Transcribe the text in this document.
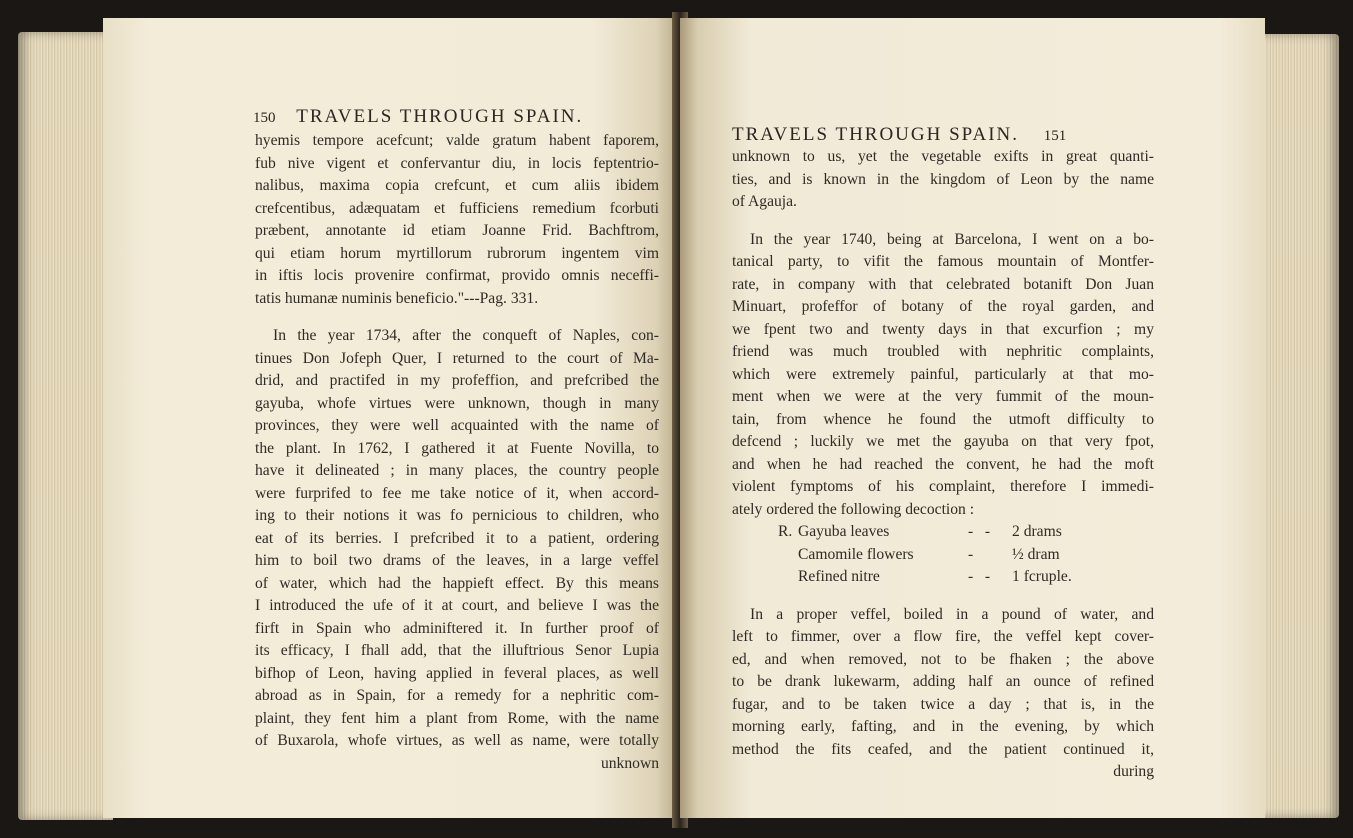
150 TRAVELS THROUGH SPAIN.
hyemis tempore acefcunt; valde gratum habent faporem,
fub nive vigent et confervantur diu, in locis feptentrio-
nalibus, maxima copia crefcunt, et cum aliis ibidem
crefcentibus, adæquatam et fufficiens remedium fcorbuti
præbent, annotante id etiam Joanne Frid. Bachftrom,
qui etiam horum myrtillorum rubrorum ingentem vim
in iftis locis provenire confirmat, provido omnis neceffi-
tatis humanæ numinis beneficio."---Pag. 331.
In the year 1734, after the conqueft of Naples, con-
tinues Don Jofeph Quer, I returned to the court of Ma-
drid, and practifed in my profeffion, and prefcribed the
gayuba, whofe virtues were unknown, though in many
provinces, they were well acquainted with the name of
the plant. In 1762, I gathered it at Fuente Novilla, to
have it delineated ; in many places, the country people
were furprifed to fee me take notice of it, when accord-
ing to their notions it was fo pernicious to children, who
eat of its berries. I prefcribed it to a patient, ordering
him to boil two drams of the leaves, in a large veffel
of water, which had the happieft effect. By this means
I introduced the ufe of it at court, and believe I was the
firft in Spain who adminiftered it. In further proof of
its efficacy, I fhall add, that the illuftrious Senor Lupia
bifhop of Leon, having applied in feveral places, as well
abroad as in Spain, for a remedy for a nephritic com-
plaint, they fent him a plant from Rome, with the name
of Buxarola, whofe virtues, as well as name, were totally
unknown
TRAVELS THROUGH SPAIN. 151
unknown to us, yet the vegetable exifts in great quanti-
ties, and is known in the kingdom of Leon by the name
of Agauja.
In the year 1740, being at Barcelona, I went on a bo-
tanical party, to vifit the famous mountain of Montfer-
rate, in company with that celebrated botanift Don Juan
Minuart, profeffor of botany of the royal garden, and
we fpent two and twenty days in that excurfion ; my
friend was much troubled with nephritic complaints,
which were extremely painful, particularly at that mo-
ment when we were at the very fummit of the moun-
tain, from whence he found the utmoft difficulty to
defcend ; luckily we met the gayuba on that very fpot,
and when he had reached the convent, he had the moft
violent fymptoms of his complaint, therefore I immedi-
ately ordered the following decoction :
R. Gayuba leaves	-   -	2 drams
Camomile flowers	-	½ dram
Refined nitre	-   -	1 fcruple.
In a proper veffel, boiled in a pound of water, and
left to fimmer, over a flow fire, the veffel kept cover-
ed, and when removed, not to be fhaken ; the above
to be drank lukewarm, adding half an ounce of refined
fugar, and to be taken twice a day ; that is, in the
morning early, fafting, and in the evening, by which
method the fits ceafed, and the patient continued it,
during
